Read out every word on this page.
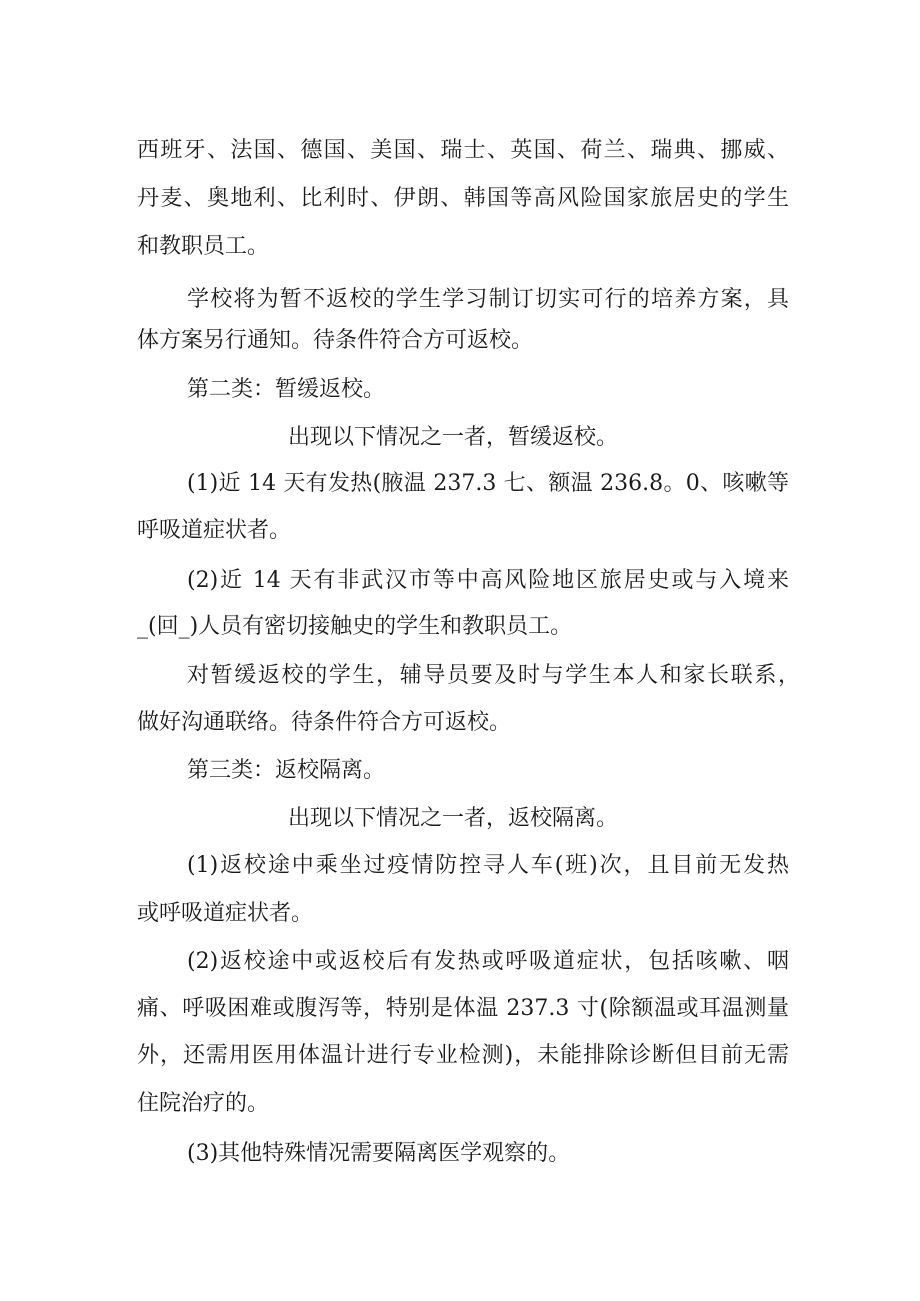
西班牙、法国、德国、美国、瑞士、英国、荷兰、瑞典、挪威、

丹麦、奥地利、比利时、伊朗、韩国等高风险国家旅居史的学生

和教职员工。

学校将为暂不返校的学生学习制订切实可行的培养方案，具

体方案另行通知。待条件符合方可返校。

第二类：暂缓返校。

出现以下情况之一者，暂缓返校。

(1)近 14 天有发热(腋温 237.3 七、额温 236.8。0、咳嗽等

呼吸道症状者。

(2)近 14 天有非武汉市等中高风险地区旅居史或与入境来

_(回_)人员有密切接触史的学生和教职员工。

对暂缓返校的学生，辅导员要及时与学生本人和家长联系，

做好沟通联络。待条件符合方可返校。

第三类：返校隔离。

出现以下情况之一者，返校隔离。

(1)返校途中乘坐过疫情防控寻人车(班)次，且目前无发热

或呼吸道症状者。

(2)返校途中或返校后有发热或呼吸道症状，包括咳嗽、咽

痛、呼吸困难或腹泻等，特别是体温 237.3 寸(除额温或耳温测量

外，还需用医用体温计进行专业检测)，未能排除诊断但目前无需

住院治疗的。

(3)其他特殊情况需要隔离医学观察的。
